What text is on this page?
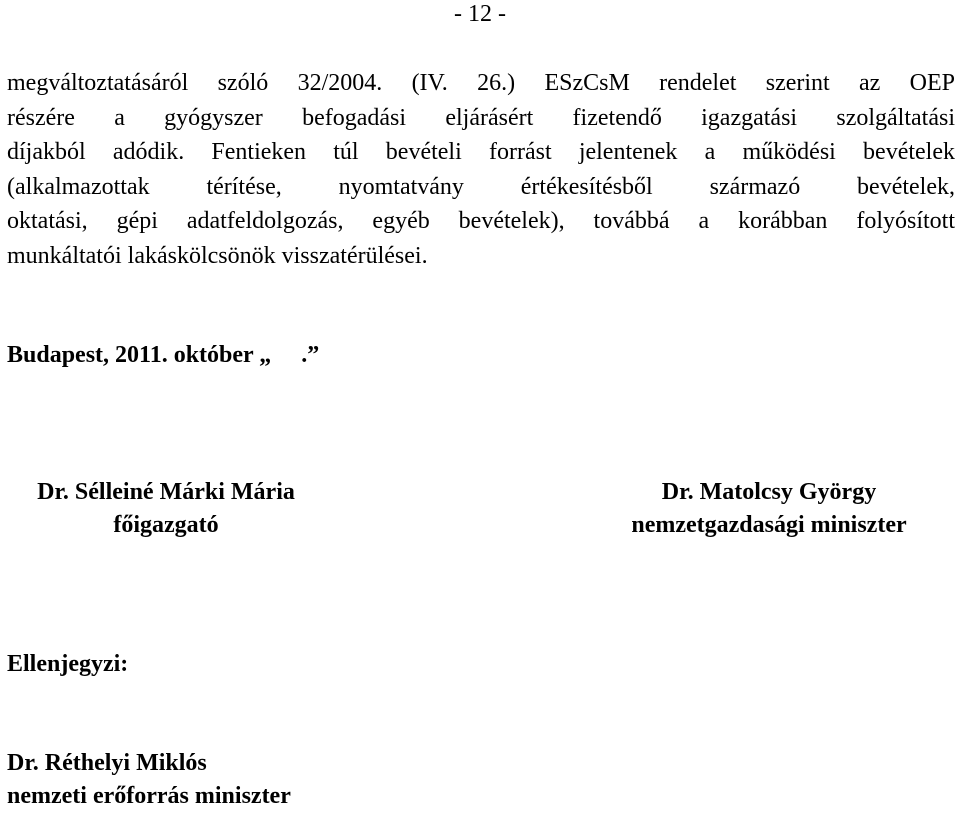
- 12 -
megváltoztatásáról szóló 32/2004. (IV. 26.) ESzCsM rendelet szerint az OEP
részére a gyógyszer befogadási eljárásért fizetendő igazgatási szolgáltatási
díjakból adódik. Fentieken túl bevételi forrást jelentenek a működési bevételek
(alkalmazottak térítése, nyomtatvány értékesítésből származó bevételek,
oktatási, gépi adatfeldolgozás, egyéb bevételek), továbbá a korábban folyósított
munkáltatói lakáskölcsönök visszatérülései.
Budapest, 2011. október „     .”
Dr. Sélleiné Márki Mária
főigazgató
Dr. Matolcsy György
nemzetgazdasági miniszter
Ellenjegyzi:
Dr. Réthelyi Miklós
nemzeti erőforrás miniszter
